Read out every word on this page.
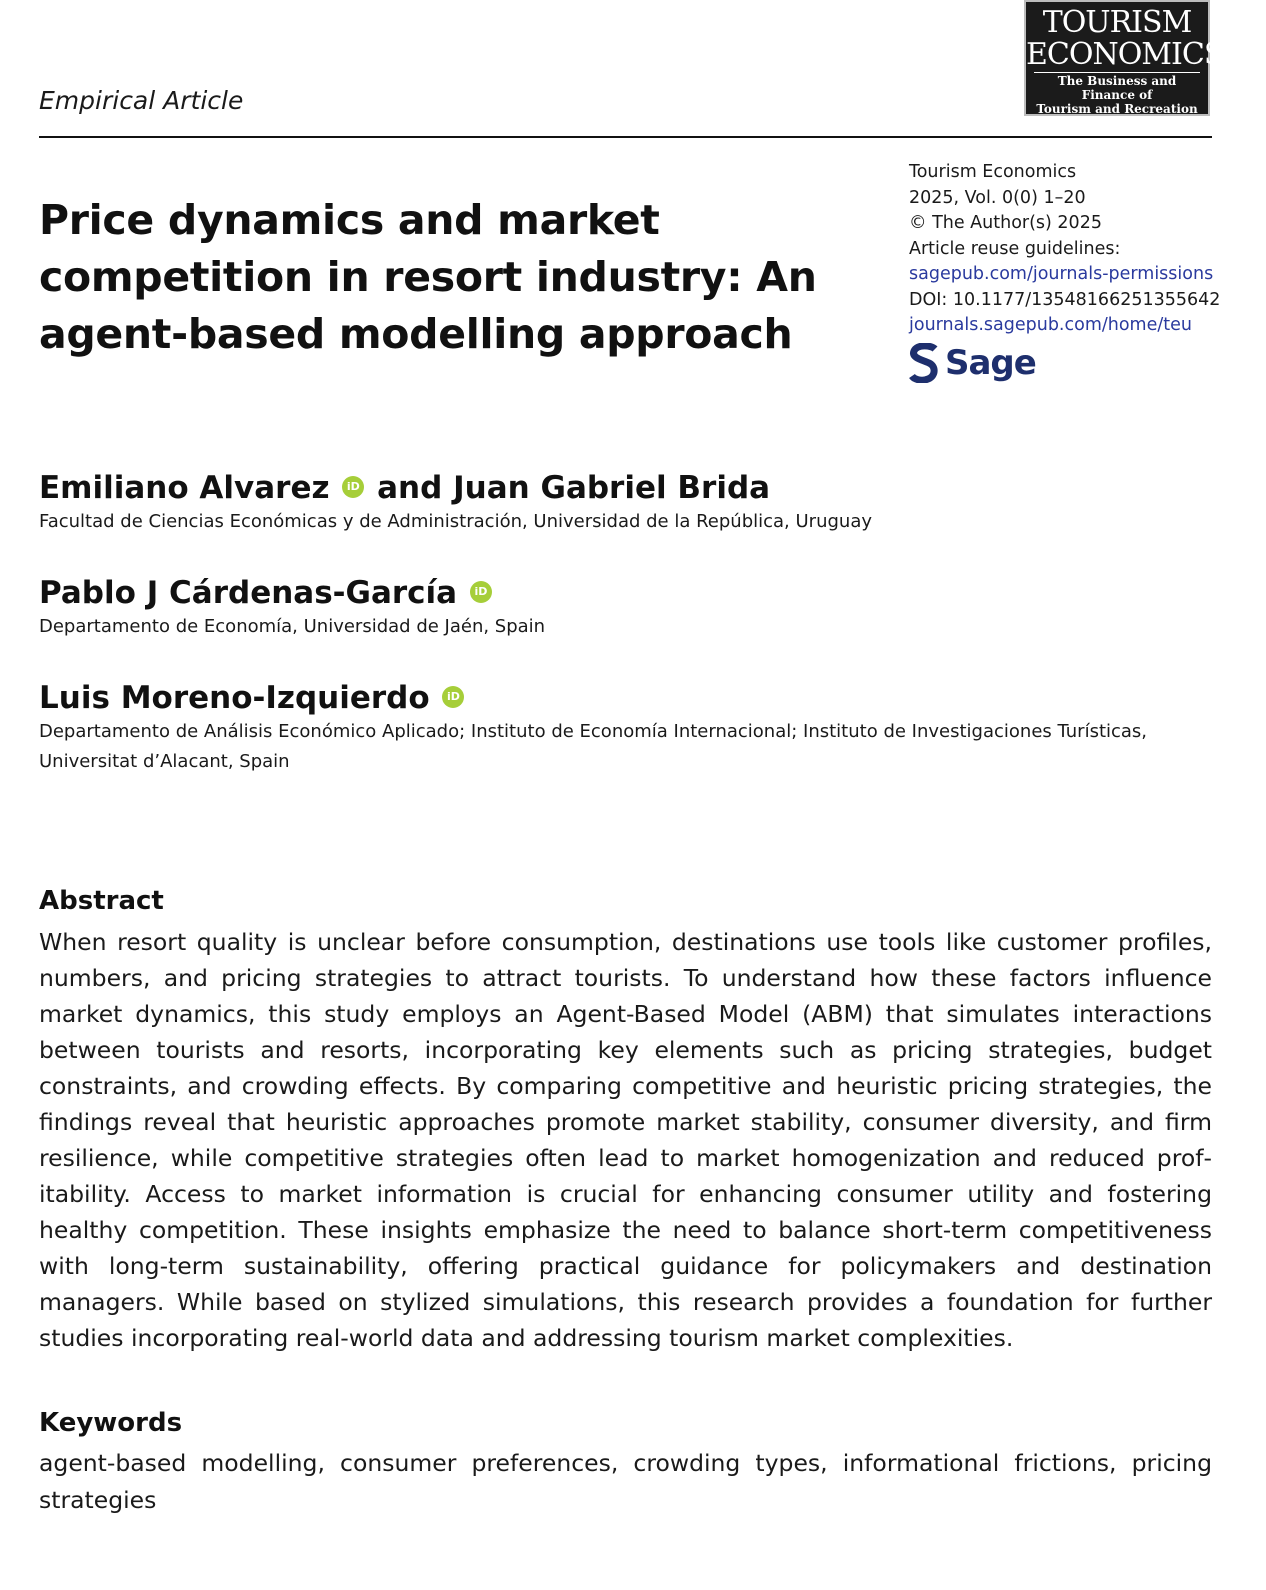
Empirical Article
TOURISM
ECONOMICS
The Business and Finance of
Tourism and Recreation
Price dynamics and market competition in resort industry: An agent-based modelling approach
Tourism Economics
2025, Vol. 0(0) 1–20
© The Author(s) 2025
Article reuse guidelines:
sagepub.com/journals-permissions
DOI: 10.1177/13548166251355642
journals.sagepub.com/home/teu
Sage
Emiliano Alvarez iD and Juan Gabriel Brida
Facultad de Ciencias Económicas y de Administración, Universidad de la República, Uruguay
Pablo J Cárdenas-García iD
Departamento de Economía, Universidad de Jaén, Spain
Luis Moreno-Izquierdo iD
Departamento de Análisis Económico Aplicado; Instituto de Economía Internacional; Instituto de Investigaciones Turísticas,
Universitat d’Alacant, Spain
Abstract

When resort quality is unclear before consumption, destinations use tools like customer profiles, numbers, and pricing strategies to attract tourists. To understand how these factors influence market dynamics, this study employs an Agent-Based Model (ABM) that simulates interactions between tourists and resorts, incorporating key elements such as pricing strategies, budget constraints, and crowding effects. By comparing competitive and heuristic pricing strategies, the findings reveal that heuristic approaches promote market stability, consumer diversity, and firm resilience, while competitive strategies often lead to market homogenization and reduced profitability. Access to market information is crucial for enhancing consumer utility and fostering healthy competition. These insights emphasize the need to balance short-term competitiveness with long-term sustainability, offering practical guidance for policymakers and destination managers. While based on stylized simulations, this research provides a foundation for further studies incorporating real-world data and addressing tourism market complexities.

Keywords

agent-based modelling, consumer preferences, crowding types, informational frictions, pricing strategies
